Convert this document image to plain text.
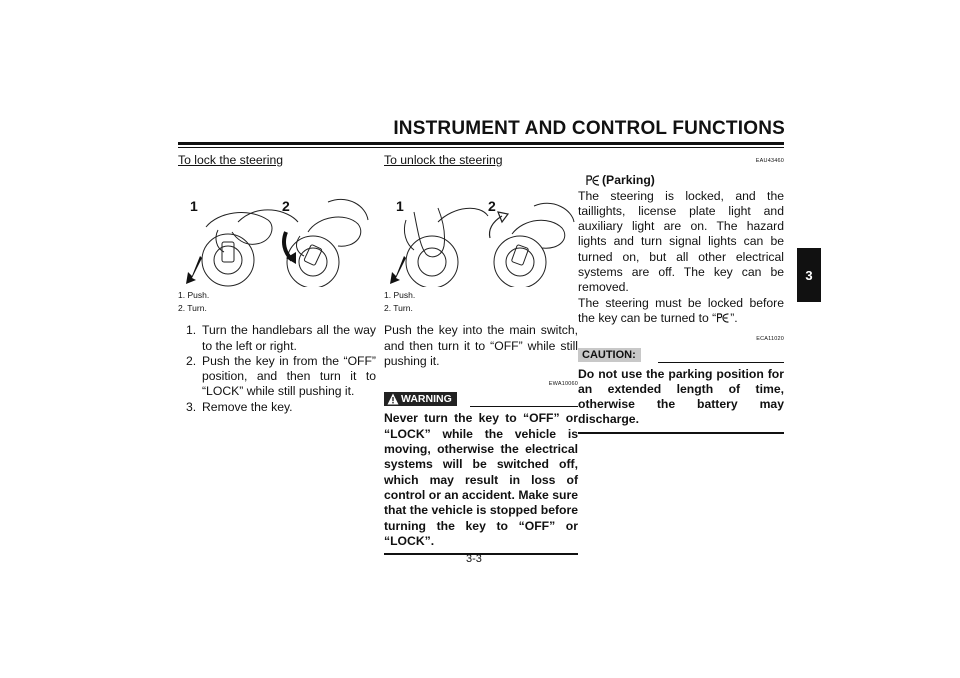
INSTRUMENT AND CONTROL FUNCTIONS
3
To lock the steering
1	2
1. Push.
2. Turn.
1. Turn the handlebars all the way to the left or right.
2. Push the key in from the “OFF” position, and then turn it to “LOCK” while still pushing it.
3. Remove the key.
To unlock the steering
1	2
1. Push.
2. Turn.

Push the key into the main switch, and then turn it to “OFF” while still pushing it.

EWA10060
WARNING
Never turn the key to “OFF” or “LOCK” while the vehicle is moving, otherwise the electrical systems will be switched off, which may result in loss of control or an accident. Make sure that the vehicle is stopped before turning the key to “OFF” or “LOCK”.
EAU43460
(Parking)

The steering is locked, and the taillights, license plate light and auxiliary light are on. The hazard lights and turn signal lights can be turned on, but all other electrical systems are off. The key can be removed.

The steering must be locked before the key can be turned to “ ”.

ECA11020
CAUTION:
Do not use the parking position for an extended length of time, otherwise the battery may discharge.
3-3
